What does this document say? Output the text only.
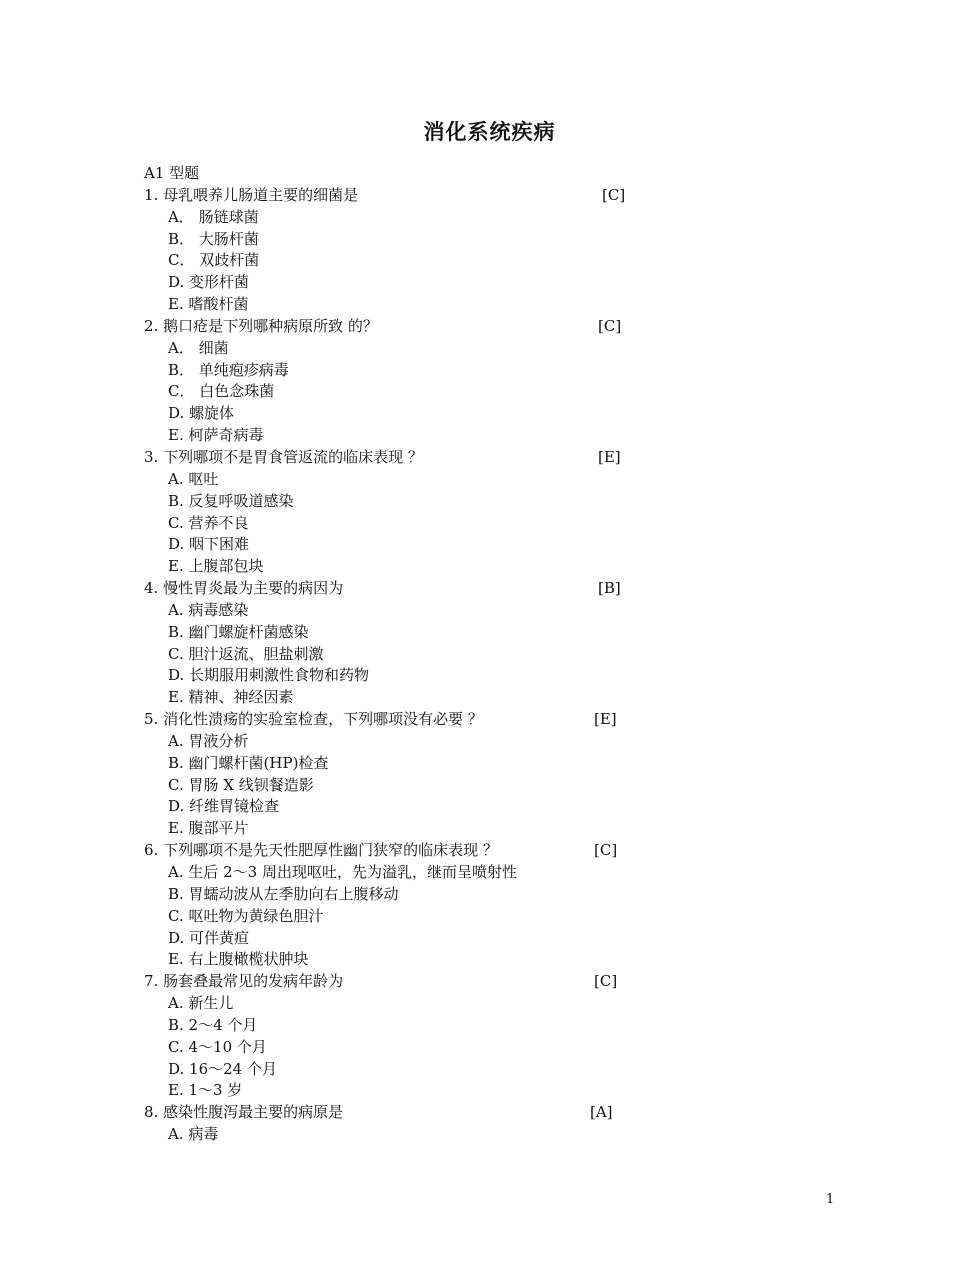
消化系统疾病
A1 型题
1. 母乳喂养儿肠道主要的细菌是	[C]
A． 肠链球菌
B． 大肠杆菌
C． 双歧杆菌
D. 变形杆菌
E. 嗜酸杆菌
2. 鹅口疮是下列哪种病原所致 的？	[C]
A． 细菌
B． 单纯疱疹病毒
C． 白色念珠菌
D. 螺旋体
E. 柯萨奇病毒
3. 下列哪项不是胃食管返流的临床表现 ？	[E]
A. 呕吐
B. 反复呼吸道感染
C. 营养不良
D. 咽下困难
E. 上腹部包块
4. 慢性胃炎最为主要的病因为	[B]
A. 病毒感染
B. 幽门螺旋杆菌感染
C. 胆汁返流、胆盐刺激
D. 长期服用刺激性食物和药物
E. 精神、神经因素
5. 消化性溃疡的实验室检查，下列哪项没有必要 ？	[E]
A. 胃液分析
B. 幽门螺杆菌(HP)检查
C. 胃肠 X 线钡餐造影
D. 纤维胃镜检查
E. 腹部平片
6. 下列哪项不是先天性肥厚性幽门狭窄的临床表现 ？	[C]
A. 生后 2～3 周出现呕吐，先为溢乳，继而呈喷射性
B. 胃蠕动波从左季肋向右上腹移动
C. 呕吐物为黄绿色胆汁
D. 可伴黄疸
E. 右上腹橄榄状肿块
7. 肠套叠最常见的发病年龄为	[C]
A. 新生儿
B. 2～4 个月
C. 4～10 个月
D. 16～24 个月
E. 1～3 岁
8. 感染性腹泻最主要的病原是	[A]
A. 病毒
1
